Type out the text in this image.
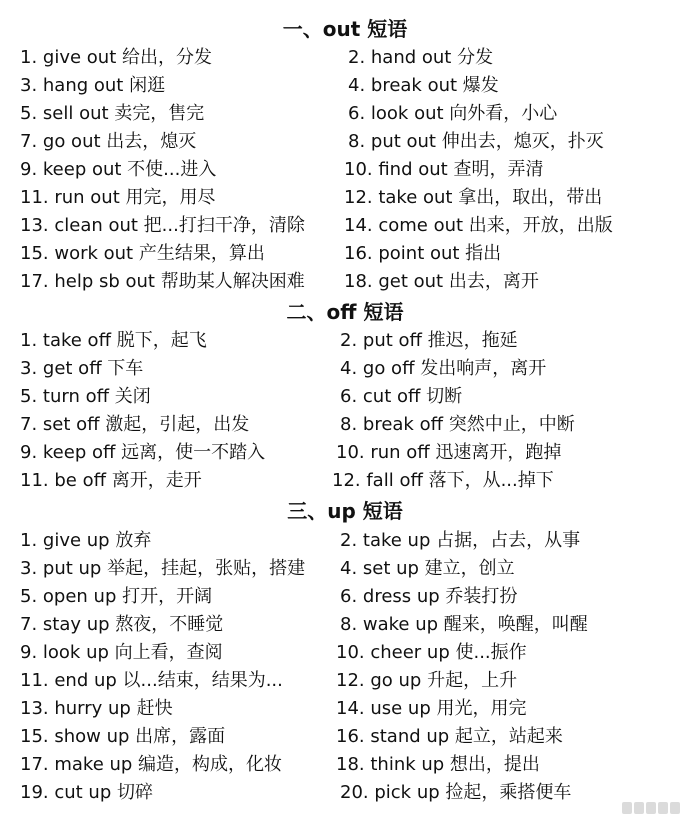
一、out 短语
1. give out 给出，分发	2. hand out 分发
3. hang out 闲逛	4. break out 爆发
5. sell out 卖完，售完	6. look out 向外看，小心
7. go out 出去，熄灭	8. put out 伸出去，熄灭，扑灭
9. keep out 不使...进入	10. find out 查明，弄清
11. run out 用完，用尽	12. take out 拿出，取出，带出
13. clean out 把...打扫干净，清除 14. come out 出来，开放，出版
15. work out 产生结果，算出	16. point out 指出
17. help sb out 帮助某人解决困难 18. get out 出去，离开
二、off 短语
1. take off 脱下，起飞	2. put off 推迟，拖延
3. get off 下车	4. go off 发出响声，离开
5. turn off 关闭	6. cut off 切断
7. set off 激起，引起，出发	8. break off 突然中止，中断
9. keep off 远离，使一不踏入	10. run off 迅速离开，跑掉
11. be off 离开，走开	12. fall off 落下，从...掉下
三、up 短语
1. give up 放弃	2. take up 占据，占去，从事
3. put up 举起，挂起，张贴，搭建 4. set up 建立，创立
5. open up 打开，开阔	6. dress up 乔装打扮
7. stay up 熬夜，不睡觉	8. wake up 醒来，唤醒，叫醒
9. look up 向上看，查阅	10. cheer up 使...振作
11. end up 以...结束，结果为...	12. go up 升起，上升
13. hurry up 赶快	14. use up 用光，用完
15. show up 出席，露面	16. stand up 起立，站起来
17. make up 编造，构成，化妆	18. think up 想出，提出
19. cut up 切碎	20. pick up 捡起，乘搭便车
